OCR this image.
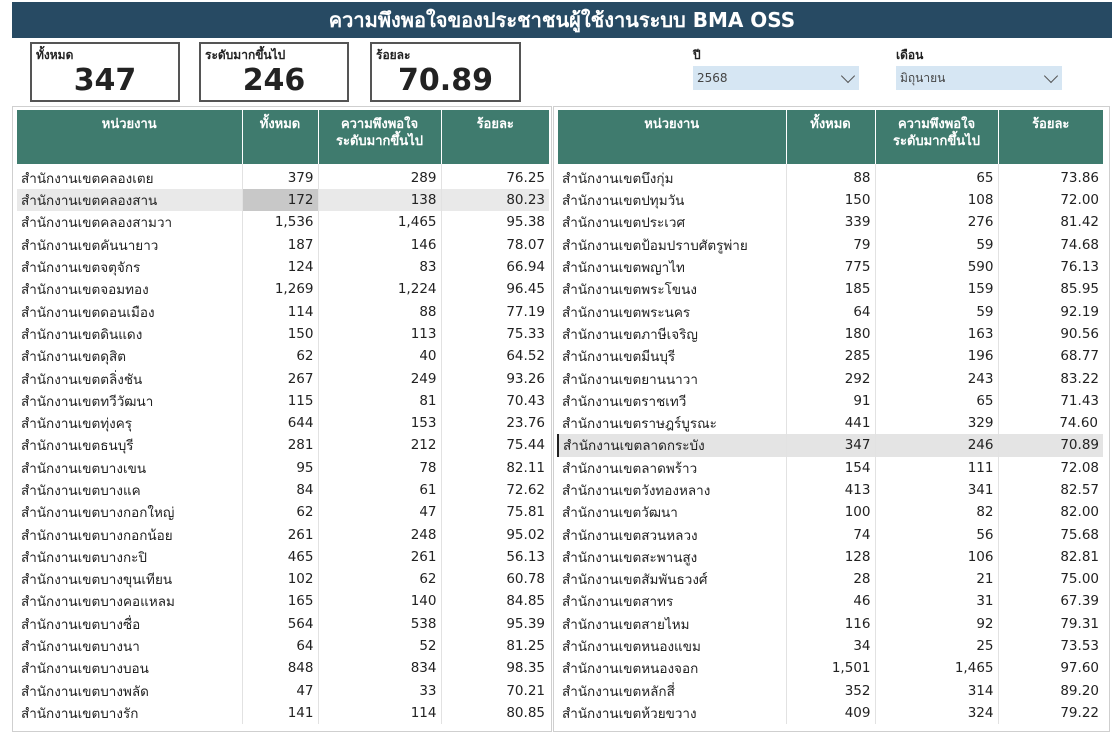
ความพึงพอใจของประชาชนผู้ใช้งานระบบ BMA OSS
ทั้งหมด
347
ระดับมากขึ้นไป
246
ร้อยละ
70.89
ปี
2568
เดือน
มิถุนายน
หน่วยงาน	ทั้งหมด	ความพึงพอใจ
ระดับมากขึ้นไป	ร้อยละ
สำนักงานเขตคลองเตย	379	289	76.25
สำนักงานเขตคลองสาน	172	138	80.23
สำนักงานเขตคลองสามวา	1,536	1,465	95.38
สำนักงานเขตคันนายาว	187	146	78.07
สำนักงานเขตจตุจักร	124	83	66.94
สำนักงานเขตจอมทอง	1,269	1,224	96.45
สำนักงานเขตดอนเมือง	114	88	77.19
สำนักงานเขตดินแดง	150	113	75.33
สำนักงานเขตดุสิต	62	40	64.52
สำนักงานเขตตลิ่งชัน	267	249	93.26
สำนักงานเขตทวีวัฒนา	115	81	70.43
สำนักงานเขตทุ่งครุ	644	153	23.76
สำนักงานเขตธนบุรี	281	212	75.44
สำนักงานเขตบางเขน	95	78	82.11
สำนักงานเขตบางแค	84	61	72.62
สำนักงานเขตบางกอกใหญ่	62	47	75.81
สำนักงานเขตบางกอกน้อย	261	248	95.02
สำนักงานเขตบางกะปิ	465	261	56.13
สำนักงานเขตบางขุนเทียน	102	62	60.78
สำนักงานเขตบางคอแหลม	165	140	84.85
สำนักงานเขตบางซื่อ	564	538	95.39
สำนักงานเขตบางนา	64	52	81.25
สำนักงานเขตบางบอน	848	834	98.35
สำนักงานเขตบางพลัด	47	33	70.21
สำนักงานเขตบางรัก	141	114	80.85
หน่วยงาน	ทั้งหมด	ความพึงพอใจ
ระดับมากขึ้นไป	ร้อยละ
สำนักงานเขตบึงกุ่ม	88	65	73.86
สำนักงานเขตปทุมวัน	150	108	72.00
สำนักงานเขตประเวศ	339	276	81.42
สำนักงานเขตป้อมปราบศัตรูพ่าย	79	59	74.68
สำนักงานเขตพญาไท	775	590	76.13
สำนักงานเขตพระโขนง	185	159	85.95
สำนักงานเขตพระนคร	64	59	92.19
สำนักงานเขตภาษีเจริญ	180	163	90.56
สำนักงานเขตมีนบุรี	285	196	68.77
สำนักงานเขตยานนาวา	292	243	83.22
สำนักงานเขตราชเทวี	91	65	71.43
สำนักงานเขตราษฎร์บูรณะ	441	329	74.60
สำนักงานเขตลาดกระบัง	347	246	70.89
สำนักงานเขตลาดพร้าว	154	111	72.08
สำนักงานเขตวังทองหลาง	413	341	82.57
สำนักงานเขตวัฒนา	100	82	82.00
สำนักงานเขตสวนหลวง	74	56	75.68
สำนักงานเขตสะพานสูง	128	106	82.81
สำนักงานเขตสัมพันธวงศ์	28	21	75.00
สำนักงานเขตสาทร	46	31	67.39
สำนักงานเขตสายไหม	116	92	79.31
สำนักงานเขตหนองแขม	34	25	73.53
สำนักงานเขตหนองจอก	1,501	1,465	97.60
สำนักงานเขตหลักสี่	352	314	89.20
สำนักงานเขตห้วยขวาง	409	324	79.22
